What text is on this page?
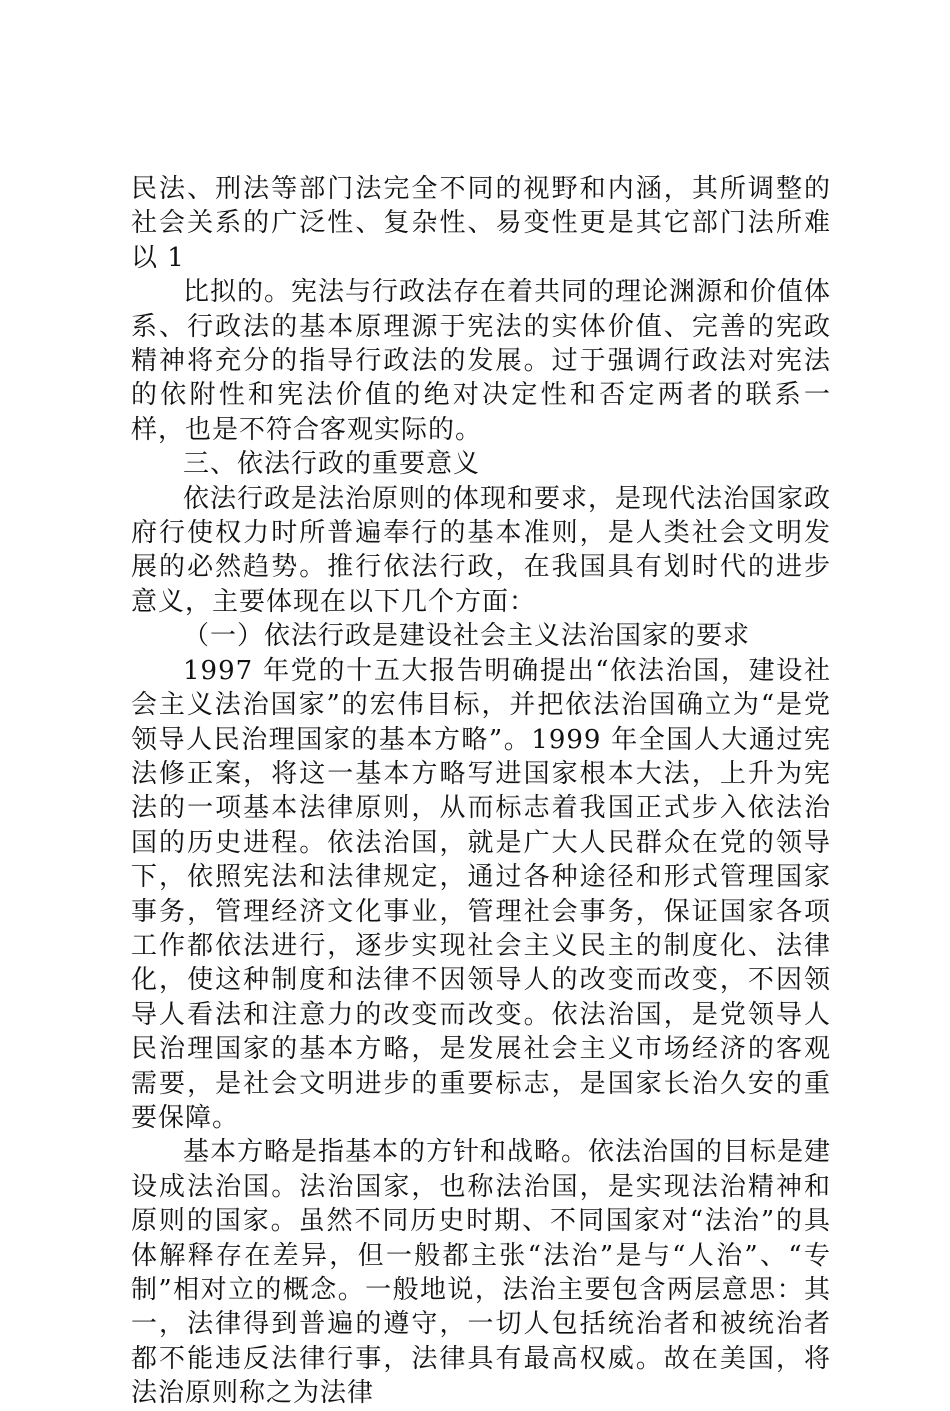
民法、刑法等部门法完全不同的视野和内涵，其所调整的社会关系的广泛性、复杂性、易变性更是其它部门法所难以 1

比拟的。宪法与行政法存在着共同的理论渊源和价值体系、行政法的基本原理源于宪法的实体价值、完善的宪政精神将充分的指导行政法的发展。过于强调行政法对宪法的依附性和宪法价值的绝对决定性和否定两者的联系一样，也是不符合客观实际的。

三、依法行政的重要意义

依法行政是法治原则的体现和要求，是现代法治国家政府行使权力时所普遍奉行的基本准则，是人类社会文明发展的必然趋势。推行依法行政，在我国具有划时代的进步意义，主要体现在以下几个方面：

（一）依法行政是建设社会主义法治国家的要求

1997 年党的十五大报告明确提出“依法治国，建设社会主义法治国家”的宏伟目标，并把依法治国确立为“是党领导人民治理国家的基本方略”。1999 年全国人大通过宪法修正案，将这一基本方略写进国家根本大法，上升为宪法的一项基本法律原则，从而标志着我国正式步入依法治国的历史进程。依法治国，就是广大人民群众在党的领导下，依照宪法和法律规定，通过各种途径和形式管理国家事务，管理经济文化事业，管理社会事务，保证国家各项工作都依法进行，逐步实现社会主义民主的制度化、法律化，使这种制度和法律不因领导人的改变而改变，不因领导人看法和注意力的改变而改变。依法治国，是党领导人民治理国家的基本方略，是发展社会主义市场经济的客观需要，是社会文明进步的重要标志，是国家长治久安的重要保障。

基本方略是指基本的方针和战略。依法治国的目标是建设成法治国。法治国家，也称法治国，是实现法治精神和原则的国家。虽然不同历史时期、不同国家对“法治”的具体解释存在差异，但一般都主张“法治”是与“人治”、“专制”相对立的概念。一般地说，法治主要包含两层意思：其一，法律得到普遍的遵守，一切人包括统治者和被统治者都不能违反法律行事，法律具有最高权威。故在美国，将法治原则称之为法律
